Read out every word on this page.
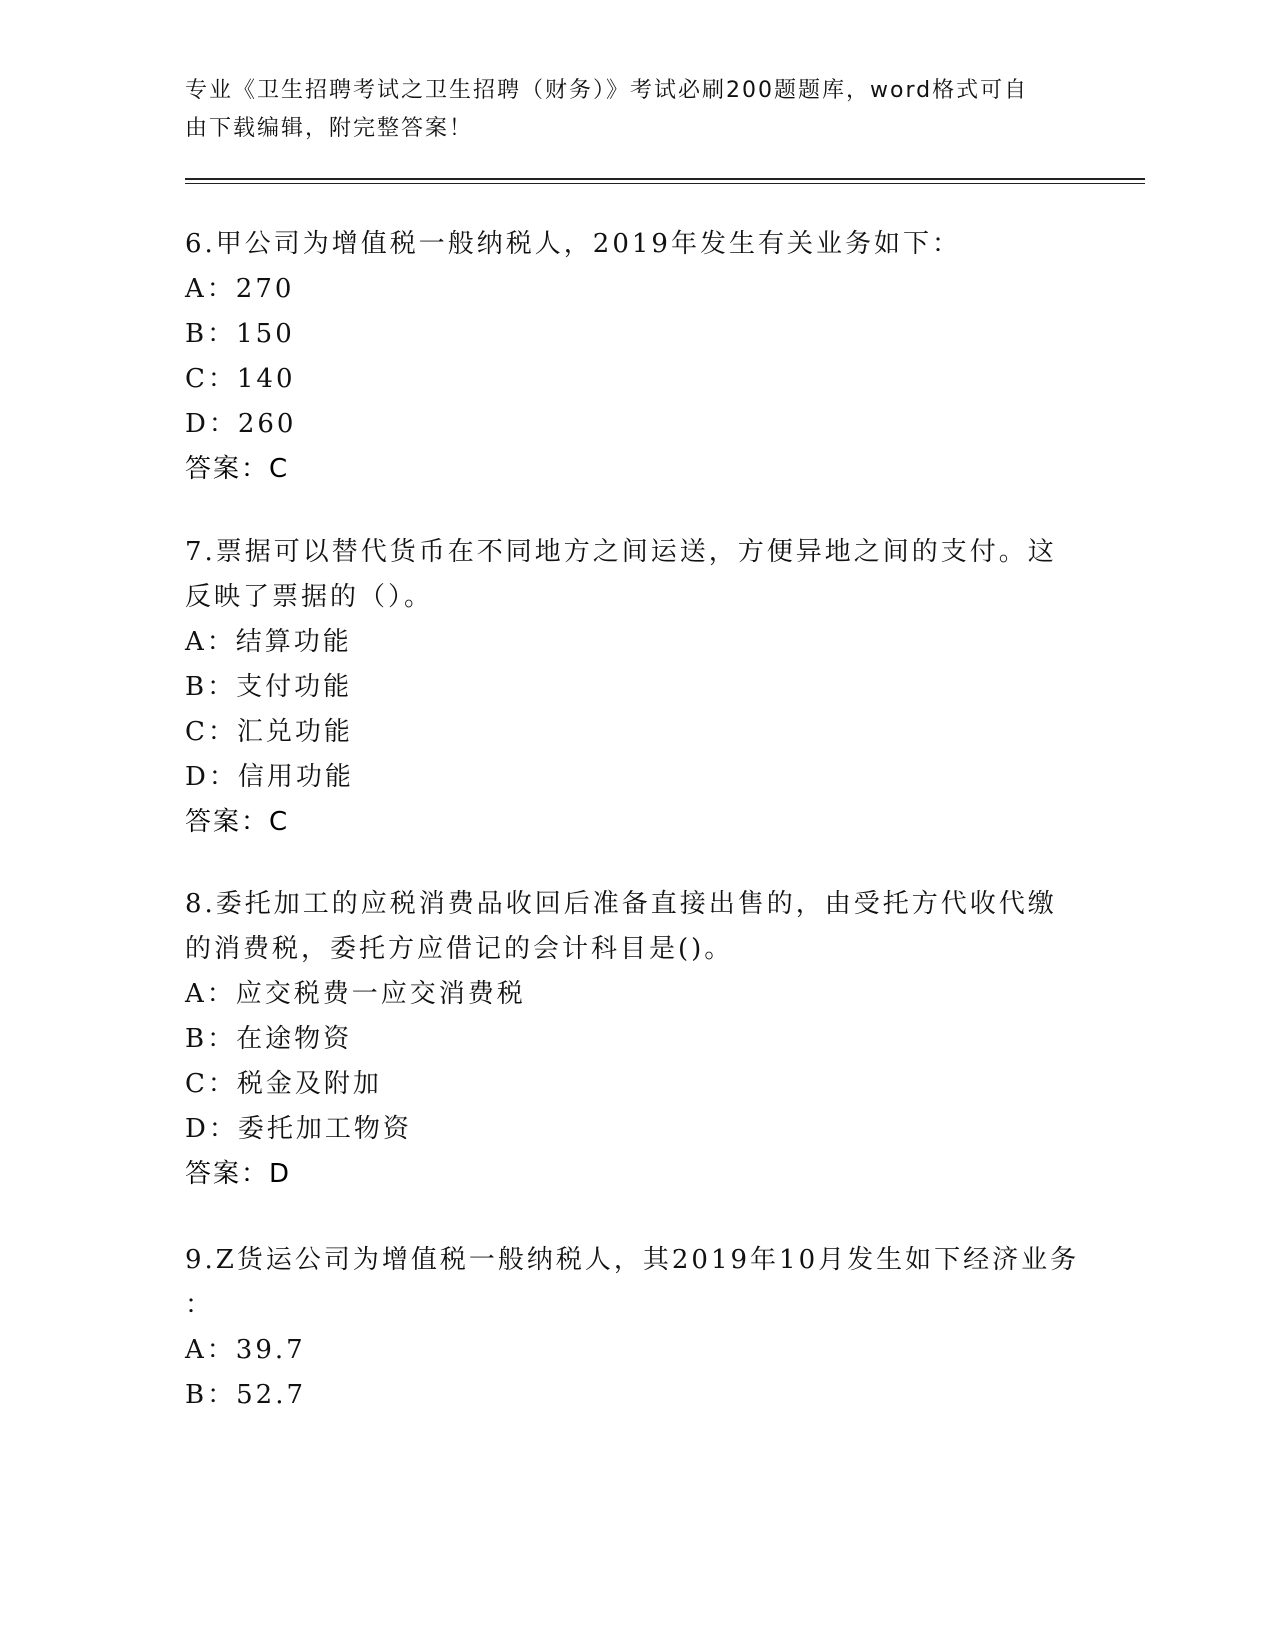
专业《卫生招聘考试之卫生招聘（财务）》考试必刷200题题库，word格式可自
由下载编辑，附完整答案！
6.甲公司为增值税一般纳税人，2019年发生有关业务如下：
A：270
B：150
C：140
D：260
答案：C
7.票据可以替代货币在不同地方之间运送，方便异地之间的支付。这
反映了票据的（）。
A：结算功能
B：支付功能
C：汇兑功能
D：信用功能
答案：C
8.委托加工的应税消费品收回后准备直接出售的，由受托方代收代缴
的消费税，委托方应借记的会计科目是()。
A：应交税费一应交消费税
B：在途物资
C：税金及附加
D：委托加工物资
答案：D
9.Z货运公司为增值税一般纳税人，其2019年10月发生如下经济业务
：
A：39.7
B：52.7
